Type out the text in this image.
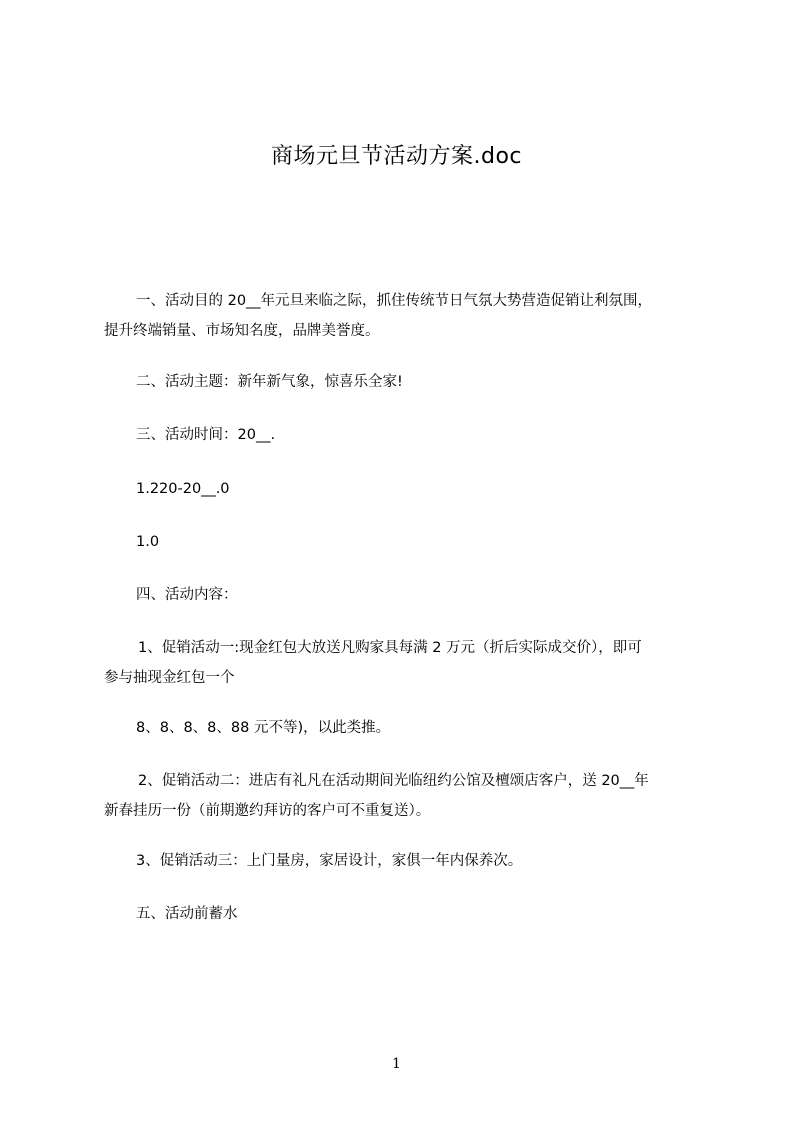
商场元旦节活动方案.doc
一、活动目的 20__年元旦来临之际，抓住传统节日气氛大势营造促销让利氛围，
提升终端销量、市场知名度，品牌美誉度。
二、活动主题：新年新气象，惊喜乐全家!
三、活动时间：20__.
1.220-20__.0
1.0
四、活动内容：
1、促销活动一:现金红包大放送凡购家具每满 2 万元（折后实际成交价），即可
参与抽现金红包一个
8、8、8、8、88 元不等)，以此类推。
2、促销活动二：进店有礼凡在活动期间光临纽约公馆及檀颂店客户，送 20__年
新春挂历一份（前期邀约拜访的客户可不重复送）。
3、促销活动三：上门量房，家居设计，家俱一年内保养次。
五、活动前蓄水
1
